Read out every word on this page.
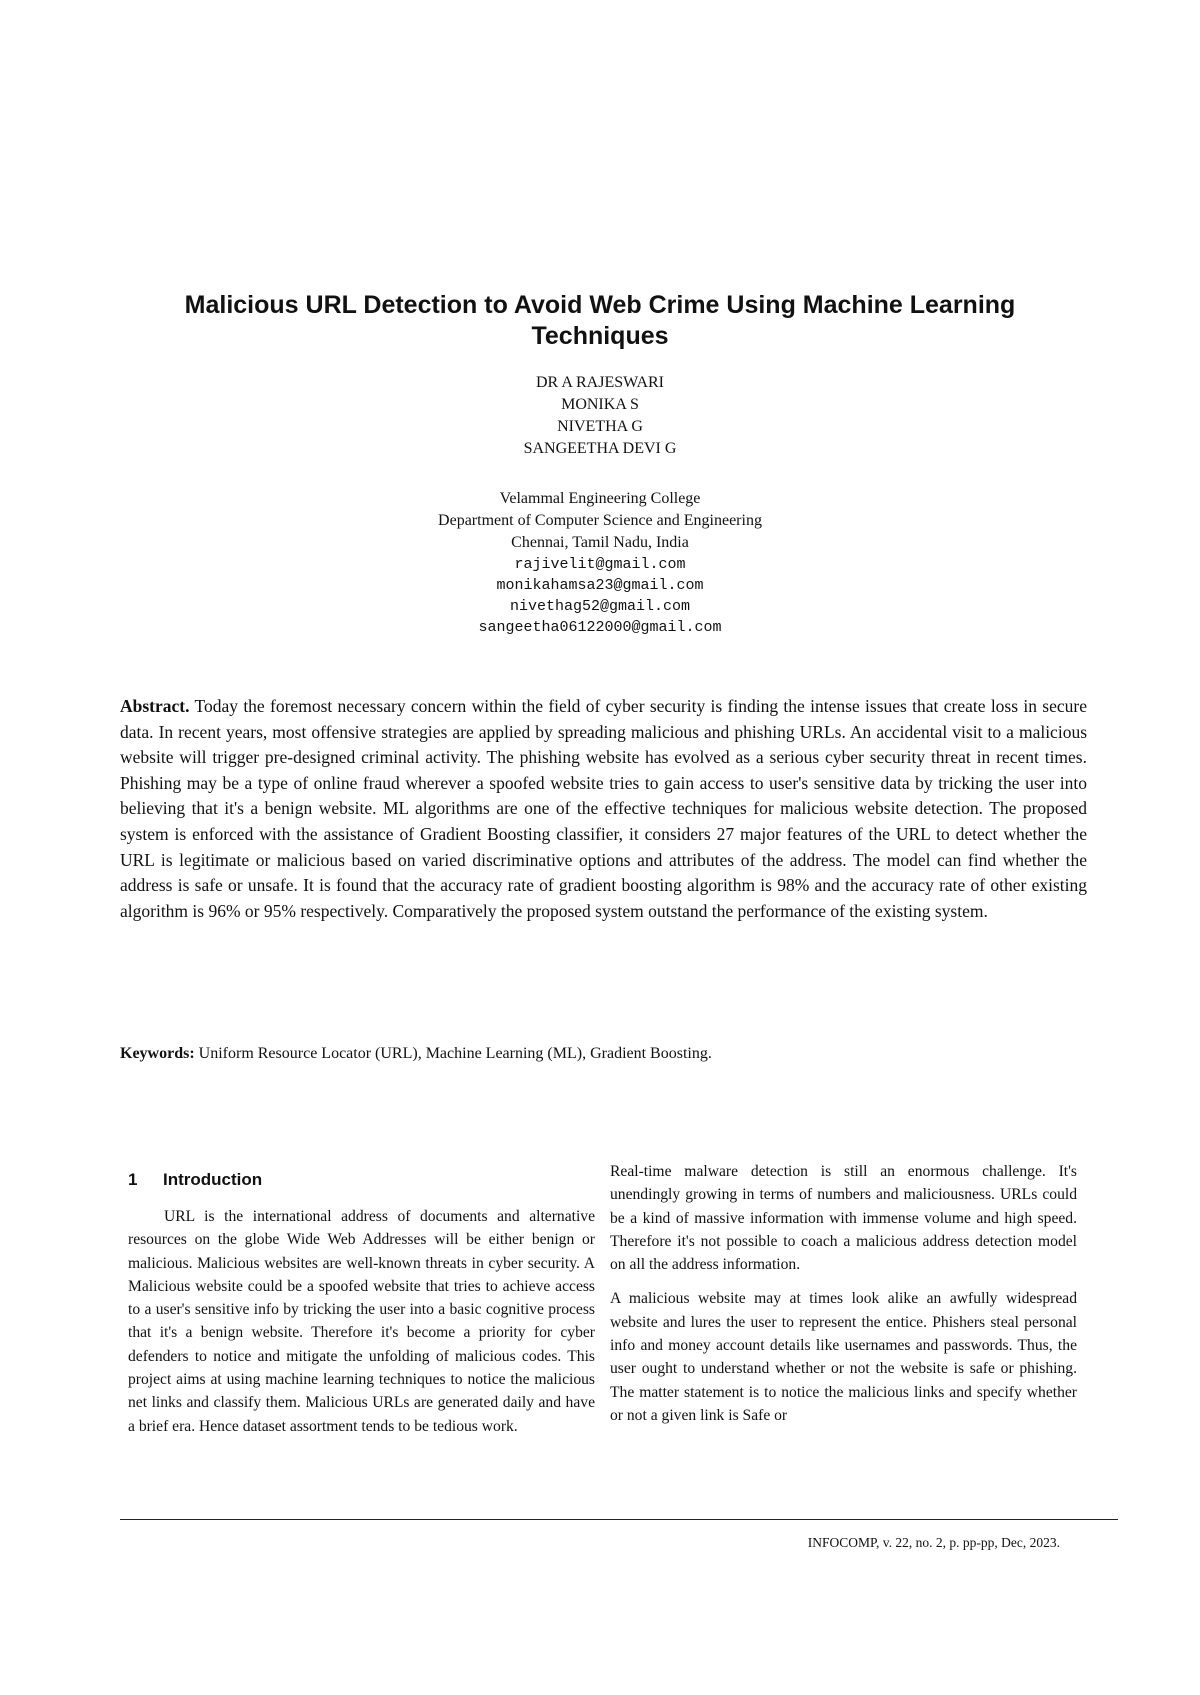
Malicious URL Detection to Avoid Web Crime Using Machine Learning Techniques
DR A RAJESWARI
MONIKA S
NIVETHA G
SANGEETHA DEVI G
Velammal Engineering College
Department of Computer Science and Engineering
Chennai, Tamil Nadu, India
rajivelit@gmail.com
monikahamsa23@gmail.com
nivethag52@gmail.com
sangeetha06122000@gmail.com

Abstract. Today the foremost necessary concern within the field of cyber security is finding the intense issues that create loss in secure data. In recent years, most offensive strategies are applied by spreading malicious and phishing URLs. An accidental visit to a malicious website will trigger pre-designed criminal activity. The phishing website has evolved as a serious cyber security threat in recent times. Phishing may be a type of online fraud wherever a spoofed website tries to gain access to user's sensitive data by tricking the user into believing that it's a benign website. ML algorithms are one of the effective techniques for malicious website detection. The proposed system is enforced with the assistance of Gradient Boosting classifier, it considers 27 major features of the URL to detect whether the URL is legitimate or malicious based on varied discriminative options and attributes of the address. The model can find whether the address is safe or unsafe. It is found that the accuracy rate of gradient boosting algorithm is 98% and the accuracy rate of other existing algorithm is 96% or 95% respectively. Comparatively the proposed system outstand the performance of the existing system.

Keywords: Uniform Resource Locator (URL), Machine Learning (ML), Gradient Boosting.

1 Introduction

URL is the international address of documents and alternative resources on the globe Wide Web Addresses will be either benign or malicious. Malicious websites are well-known threats in cyber security. A Malicious website could be a spoofed website that tries to achieve access to a user's sensitive info by tricking the user into a basic cognitive process that it's a benign website. Therefore it's become a priority for cyber defenders to notice and mitigate the unfolding of malicious codes. This project aims at using machine learning techniques to notice the malicious net links and classify them. Malicious URLs are generated daily and have a brief era. Hence dataset assortment tends to be tedious work.

Real-time malware detection is still an enormous challenge. It's unendingly growing in terms of numbers and maliciousness. URLs could be a kind of massive information with immense volume and high speed. Therefore it's not possible to coach a malicious address detection model on all the address information.

A malicious website may at times look alike an awfully widespread website and lures the user to represent the entice. Phishers steal personal info and money account details like usernames and passwords. Thus, the user ought to understand whether or not the website is safe or phishing. The matter statement is to notice the malicious links and specify whether or not a given link is Safe or

INFOCOMP, v. 22, no. 2, p. pp-pp, Dec, 2023.
